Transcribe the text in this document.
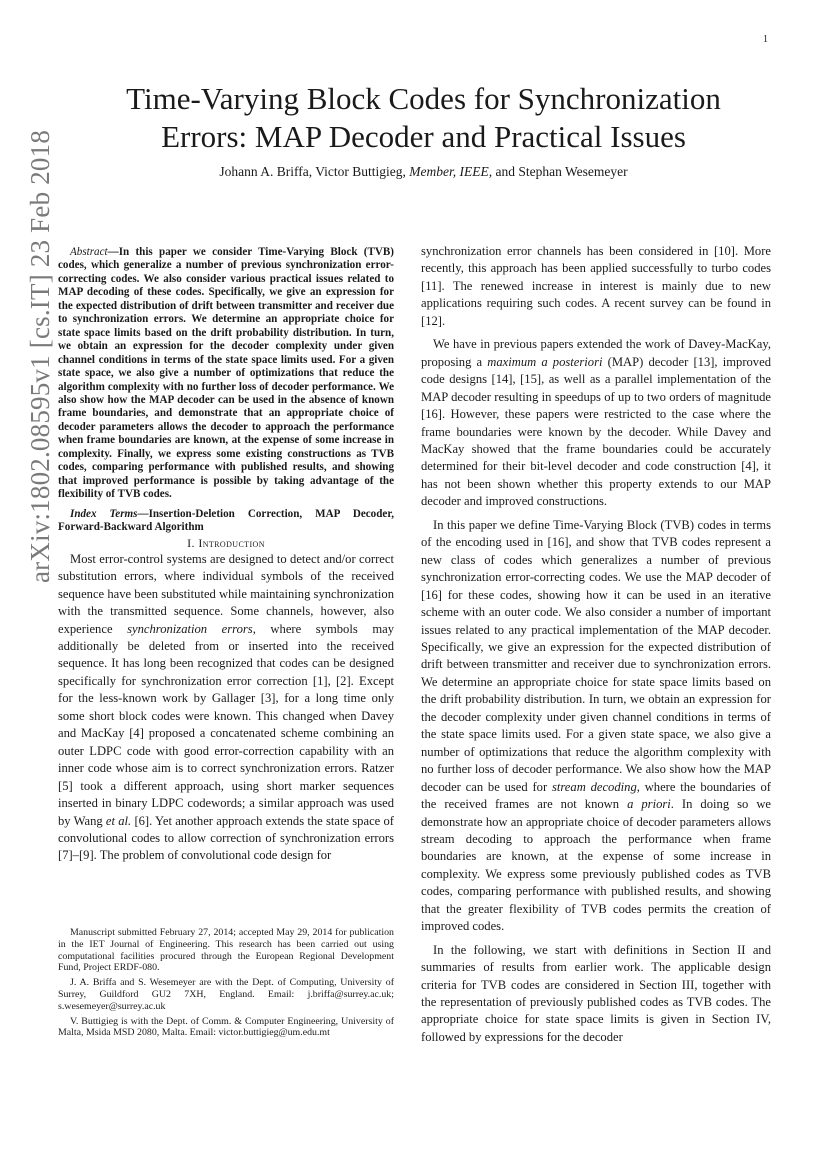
1
arXiv:1802.08595v1 [cs.IT] 23 Feb 2018
Time-Varying Block Codes for Synchronization
Errors: MAP Decoder and Practical Issues
Johann A. Briffa, Victor Buttigieg, Member, IEEE, and Stephan Wesemeyer

Abstract—In this paper we consider Time-Varying Block (TVB) codes, which generalize a number of previous synchronization error-correcting codes. We also consider various practical issues related to MAP decoding of these codes. Specifically, we give an expression for the expected distribution of drift between transmitter and receiver due to synchronization errors. We determine an appropriate choice for state space limits based on the drift probability distribution. In turn, we obtain an expression for the decoder complexity under given channel conditions in terms of the state space limits used. For a given state space, we also give a number of optimizations that reduce the algorithm complexity with no further loss of decoder performance. We also show how the MAP decoder can be used in the absence of known frame boundaries, and demonstrate that an appropriate choice of decoder parameters allows the decoder to approach the performance when frame boundaries are known, at the expense of some increase in complexity. Finally, we express some existing constructions as TVB codes, comparing performance with published results, and showing that improved performance is possible by taking advantage of the flexibility of TVB codes.

Index Terms—Insertion-Deletion Correction, MAP Decoder, Forward-Backward Algorithm

I. Introduction

Most error-control systems are designed to detect and/or correct substitution errors, where individual symbols of the received sequence have been substituted while maintaining synchronization with the transmitted sequence. Some channels, however, also experience synchronization errors, where symbols may additionally be deleted from or inserted into the received sequence. It has long been recognized that codes can be designed specifically for synchronization error correction [1], [2]. Except for the less-known work by Gallager [3], for a long time only some short block codes were known. This changed when Davey and MacKay [4] proposed a concatenated scheme combining an outer LDPC code with good error-correction capability with an inner code whose aim is to correct synchronization errors. Ratzer [5] took a different approach, using short marker sequences inserted in binary LDPC codewords; a similar approach was used by Wang et al. [6]. Yet another approach extends the state space of convolutional codes to allow correction of synchronization errors [7]–[9]. The problem of convolutional code design for

Manuscript submitted February 27, 2014; accepted May 29, 2014 for publication in the IET Journal of Engineering. This research has been carried out using computational facilities procured through the European Regional Development Fund, Project ERDF-080.

J. A. Briffa and S. Wesemeyer are with the Dept. of Computing, University of Surrey, Guildford GU2 7XH, England. Email: j.briffa@surrey.ac.uk; s.wesemeyer@surrey.ac.uk

V. Buttigieg is with the Dept. of Comm. & Computer Engineering, University of Malta, Msida MSD 2080, Malta. Email: victor.buttigieg@um.edu.mt

synchronization error channels has been considered in [10]. More recently, this approach has been applied successfully to turbo codes [11]. The renewed increase in interest is mainly due to new applications requiring such codes. A recent survey can be found in [12].

We have in previous papers extended the work of Davey-MacKay, proposing a maximum a posteriori (MAP) decoder [13], improved code designs [14], [15], as well as a parallel implementation of the MAP decoder resulting in speedups of up to two orders of magnitude [16]. However, these papers were restricted to the case where the frame boundaries were known by the decoder. While Davey and MacKay showed that the frame boundaries could be accurately determined for their bit-level decoder and code construction [4], it has not been shown whether this property extends to our MAP decoder and improved constructions.

In this paper we define Time-Varying Block (TVB) codes in terms of the encoding used in [16], and show that TVB codes represent a new class of codes which generalizes a number of previous synchronization error-correcting codes. We use the MAP decoder of [16] for these codes, showing how it can be used in an iterative scheme with an outer code. We also consider a number of important issues related to any practical implementation of the MAP decoder. Specifically, we give an expression for the expected distribution of drift between transmitter and receiver due to synchronization errors. We determine an appropriate choice for state space limits based on the drift probability distribution. In turn, we obtain an expression for the decoder complexity under given channel conditions in terms of the state space limits used. For a given state space, we also give a number of optimizations that reduce the algorithm complexity with no further loss of decoder performance. We also show how the MAP decoder can be used for stream decoding, where the boundaries of the received frames are not known a priori. In doing so we demonstrate how an appropriate choice of decoder parameters allows stream decoding to approach the performance when frame boundaries are known, at the expense of some increase in complexity. We express some previously published codes as TVB codes, comparing performance with published results, and showing that the greater flexibility of TVB codes permits the creation of improved codes.

In the following, we start with definitions in Section II and summaries of results from earlier work. The applicable design criteria for TVB codes are considered in Section III, together with the representation of previously published codes as TVB codes. The appropriate choice for state space limits is given in Section IV, followed by expressions for the decoder
